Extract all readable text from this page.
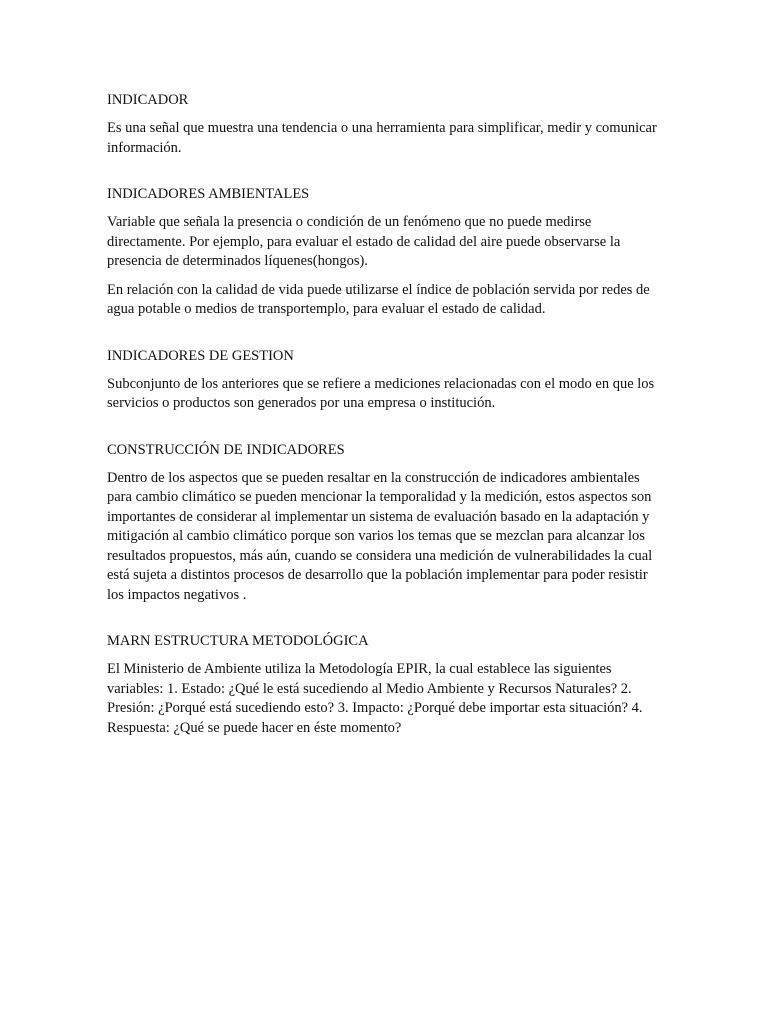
INDICADOR
Es una señal que muestra una tendencia o una herramienta para simplificar, medir y comunicar información.
INDICADORES AMBIENTALES
Variable que señala la presencia o condición de un fenómeno que no puede medirse directamente. Por ejemplo, para evaluar el estado de calidad del aire puede observarse la presencia de determinados líquenes(hongos).
En relación con la calidad de vida puede utilizarse el índice de población servida por redes de agua potable o medios de transportemplo, para evaluar el estado de calidad.
INDICADORES DE GESTION
Subconjunto de los anteriores que se refiere a mediciones relacionadas con el modo en que los servicios o productos son generados por una empresa o institución.
CONSTRUCCIÓN DE INDICADORES
Dentro de los aspectos que se pueden resaltar en la construcción de indicadores ambientales para cambio climático se pueden mencionar la temporalidad y la medición, estos aspectos son importantes de considerar al implementar un sistema de evaluación basado en la adaptación y mitigación al cambio climático porque son varios los temas que se mezclan para alcanzar los resultados propuestos, más aún, cuando se considera una medición de vulnerabilidades la cual está sujeta a distintos procesos de desarrollo que la población implementar para poder resistir los impactos negativos .
MARN ESTRUCTURA METODOLÓGICA
El Ministerio de Ambiente utiliza la Metodología EPIR, la cual establece las siguientes variables: 1. Estado: ¿Qué le está sucediendo al Medio Ambiente y Recursos Naturales? 2. Presión: ¿Porqué está sucediendo esto? 3. Impacto: ¿Porqué debe importar esta situación? 4. Respuesta: ¿Qué se puede hacer en éste momento?
